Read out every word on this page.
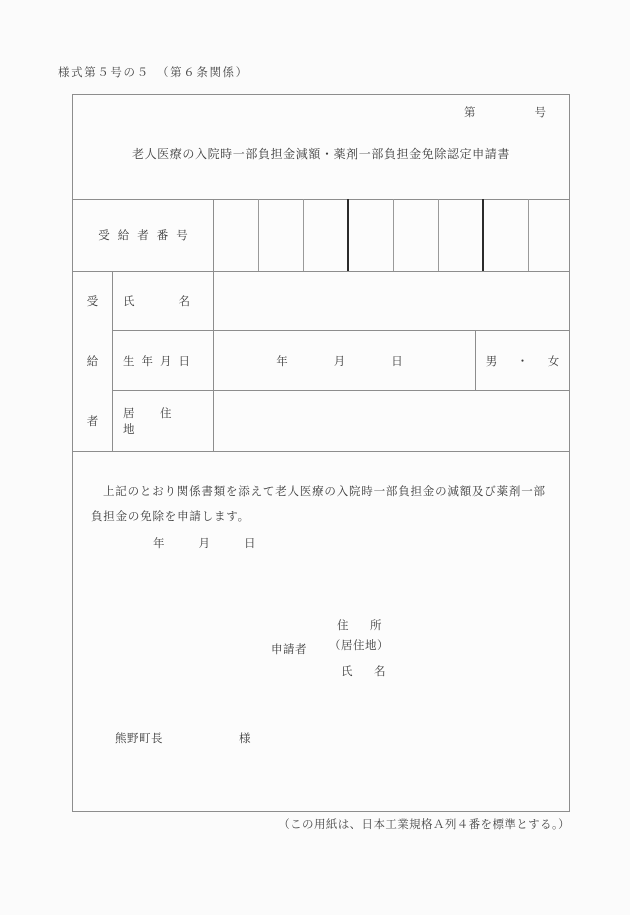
様式第５号の５　（第６条関係）
第	号
老人医療の入院時一部負担金減額・薬剤一部負担金免除認定申請書
受給者番号
受
給
者
氏　　名
生年月日	年	月	日	男　・　女
居　住　地
上記のとおり関係書類を添えて老人医療の入院時一部負担金の減額及び薬剤一部
負担金の免除を申請します。
年	月	日
申請者
住　所
（居住地）
氏　名
熊野町長	様
（この用紙は、日本工業規格Ａ列４番を標準とする。）
